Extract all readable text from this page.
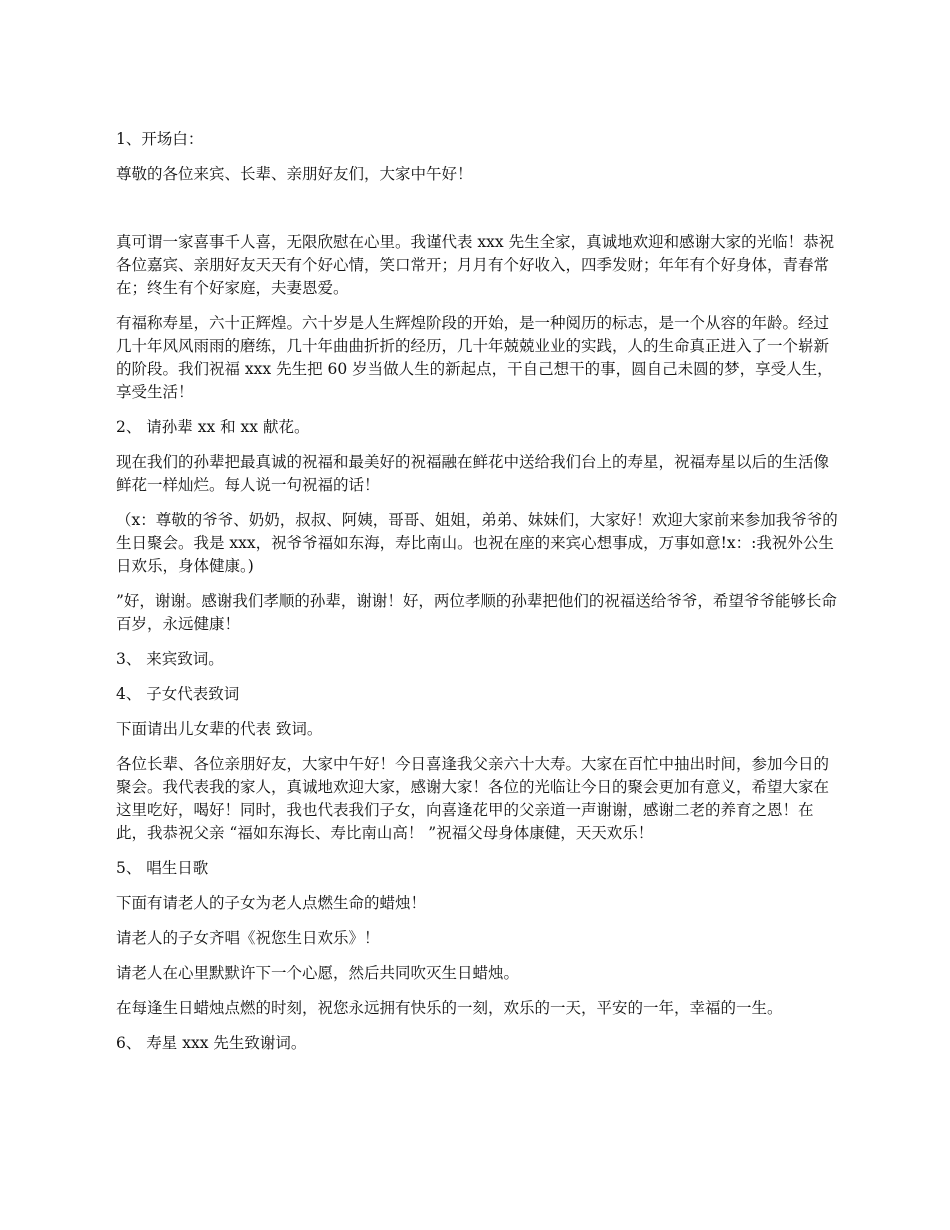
1、开场白：

尊敬的各位来宾、长辈、亲朋好友们，大家中午好！

真可谓一家喜事千人喜，无限欣慰在心里。我谨代表 xxx 先生全家，真诚地欢迎和感谢大家的光临！恭祝各位嘉宾、亲朋好友天天有个好心情，笑口常开；月月有个好收入，四季发财；年年有个好身体，青春常在；终生有个好家庭，夫妻恩爱。

有福称寿星，六十正辉煌。六十岁是人生辉煌阶段的开始，是一种阅历的标志，是一个从容的年龄。经过几十年风风雨雨的磨练，几十年曲曲折折的经历，几十年兢兢业业的实践，人的生命真正进入了一个崭新的阶段。我们祝福 xxx 先生把 60 岁当做人生的新起点，干自己想干的事，圆自己未圆的梦，享受人生，享受生活！

2、 请孙辈 xx 和 xx 献花。

现在我们的孙辈把最真诚的祝福和最美好的祝福融在鲜花中送给我们台上的寿星，祝福寿星以后的生活像鲜花一样灿烂。每人说一句祝福的话！

（x：尊敬的爷爷、奶奶，叔叔、阿姨，哥哥、姐姐，弟弟、妹妹们，大家好！欢迎大家前来参加我爷爷的生日聚会。我是 xxx，祝爷爷福如东海，寿比南山。也祝在座的来宾心想事成，万事如意!x：:我祝外公生日欢乐，身体健康。)

”好，谢谢。感谢我们孝顺的孙辈，谢谢！好，两位孝顺的孙辈把他们的祝福送给爷爷，希望爷爷能够长命百岁，永远健康！

3、 来宾致词。

4、 子女代表致词

下面请出儿女辈的代表 致词。

各位长辈、各位亲朋好友，大家中午好！今日喜逢我父亲六十大寿。大家在百忙中抽出时间，参加今日的聚会。我代表我的家人，真诚地欢迎大家，感谢大家！各位的光临让今日的聚会更加有意义，希望大家在这里吃好，喝好！同时，我也代表我们子女，向喜逢花甲的父亲道一声谢谢，感谢二老的养育之恩！在此，我恭祝父亲 “福如东海长、寿比南山高！ ”祝福父母身体康健，天天欢乐！

5、 唱生日歌

下面有请老人的子女为老人点燃生命的蜡烛！

请老人的子女齐唱《祝您生日欢乐》！

请老人在心里默默许下一个心愿，然后共同吹灭生日蜡烛。

在每逢生日蜡烛点燃的时刻，祝您永远拥有快乐的一刻，欢乐的一天，平安的一年，幸福的一生。

6、 寿星 xxx 先生致谢词。
